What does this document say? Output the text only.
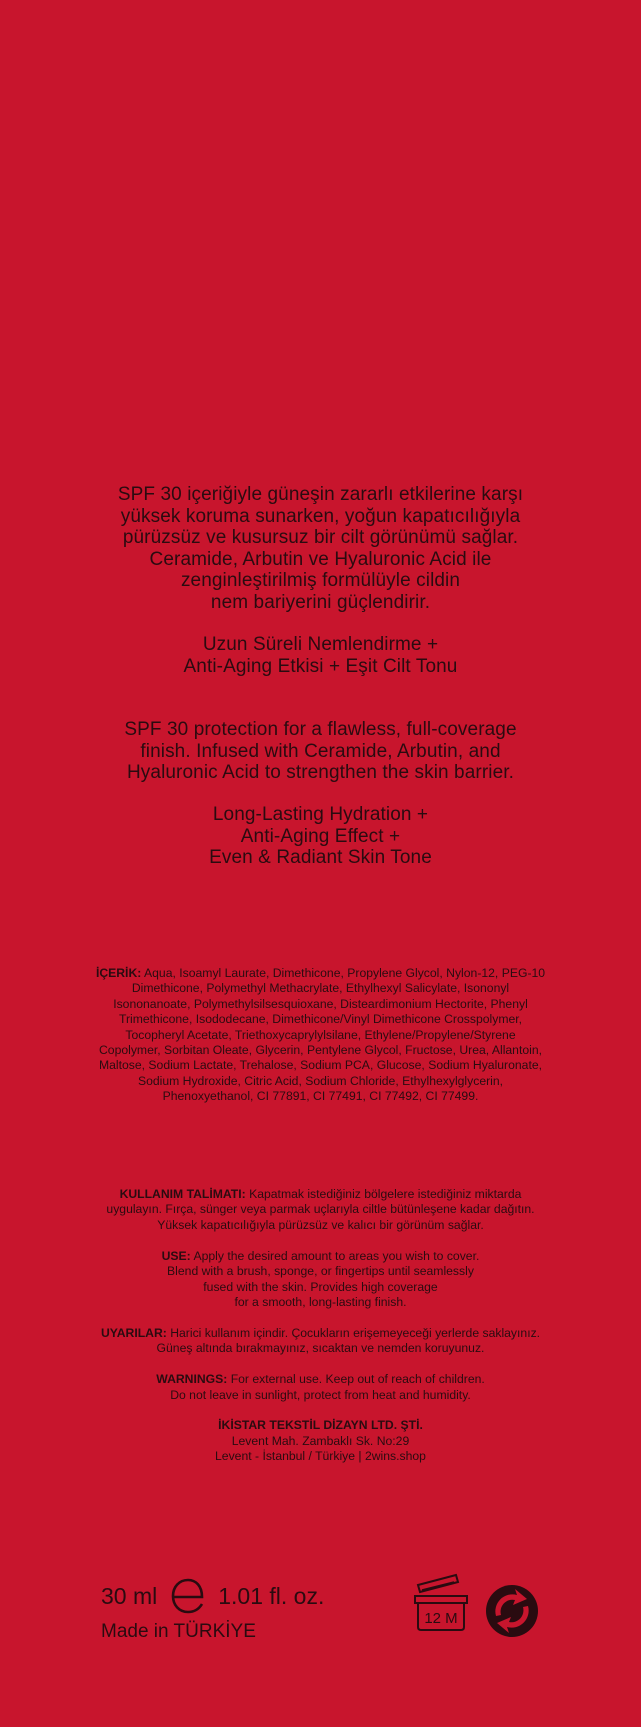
SPF 30 içeriğiyle güneşin zararlı etkilerine karşı
yüksek koruma sunarken, yoğun kapatıcılığıyla
pürüzsüz ve kusursuz bir cilt görünümü sağlar.
Ceramide, Arbutin ve Hyaluronic Acid ile
zenginleştirilmiş formülüyle cildin
nem bariyerini güçlendirir.
Uzun Süreli Nemlendirme +
Anti-Aging Etkisi + Eşit Cilt Tonu
SPF 30 protection for a flawless, full-coverage
finish. Infused with Ceramide, Arbutin, and
Hyaluronic Acid to strengthen the skin barrier.
Long-Lasting Hydration +
Anti-Aging Effect +
Even & Radiant Skin Tone
İÇERİK: Aqua, Isoamyl Laurate, Dimethicone, Propylene Glycol, Nylon-12, PEG-10
Dimethicone, Polymethyl Methacrylate, Ethylhexyl Salicylate, Isononyl
Isononanoate, Polymethylsilsesquioxane, Disteardimonium Hectorite, Phenyl
Trimethicone, Isododecane, Dimethicone/Vinyl Dimethicone Crosspolymer,
Tocopheryl Acetate, Triethoxycaprylylsilane, Ethylene/Propylene/Styrene
Copolymer, Sorbitan Oleate, Glycerin, Pentylene Glycol, Fructose, Urea, Allantoin,
Maltose, Sodium Lactate, Trehalose, Sodium PCA, Glucose, Sodium Hyaluronate,
Sodium Hydroxide, Citric Acid, Sodium Chloride, Ethylhexylglycerin,
Phenoxyethanol, CI 77891, CI 77491, CI 77492, CI 77499.
KULLANIM TALİMATI: Kapatmak istediğiniz bölgelere istediğiniz miktarda
uygulayın. Fırça, sünger veya parmak uçlarıyla ciltle bütünleşene kadar dağıtın.
Yüksek kapatıcılığıyla pürüzsüz ve kalıcı bir görünüm sağlar.
USE: Apply the desired amount to areas you wish to cover.
Blend with a brush, sponge, or fingertips until seamlessly
fused with the skin. Provides high coverage
for a smooth, long-lasting finish.
UYARILAR: Harici kullanım içindir. Çocukların erişemeyeceği yerlerde saklayınız.
Güneş altında bırakmayınız, sıcaktan ve nemden koruyunuz.
WARNINGS: For external use. Keep out of reach of children.
Do not leave in sunlight, protect from heat and humidity.
İKİSTAR TEKSTİL DİZAYN LTD. ŞTİ.
Levent Mah. Zambaklı Sk. No:29
Levent - İstanbul / Türkiye | 2wins.shop
30 ml	1.01 fl. oz.
Made in TÜRKİYE
12 M
